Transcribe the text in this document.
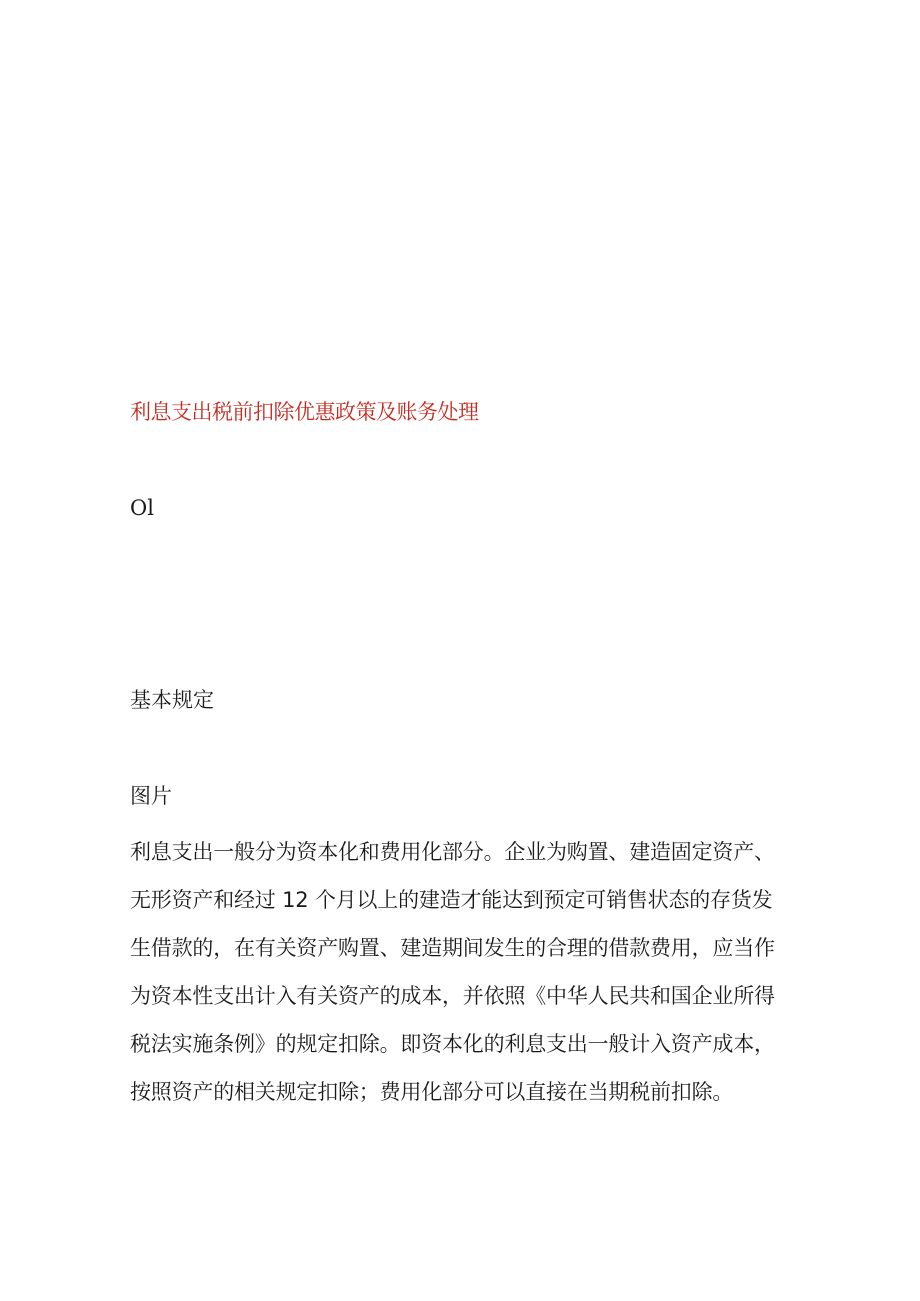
利息支出税前扣除优惠政策及账务处理
Ol
基本规定
图片
利息支出一般分为资本化和费用化部分。企业为购置、建造固定资产、
无形资产和经过 12 个月以上的建造才能达到预定可销售状态的存货发
生借款的，在有关资产购置、建造期间发生的合理的借款费用，应当作
为资本性支出计入有关资产的成本，并依照《中华人民共和国企业所得
税法实施条例》的规定扣除。即资本化的利息支出一般计入资产成本，
按照资产的相关规定扣除；费用化部分可以直接在当期税前扣除。
